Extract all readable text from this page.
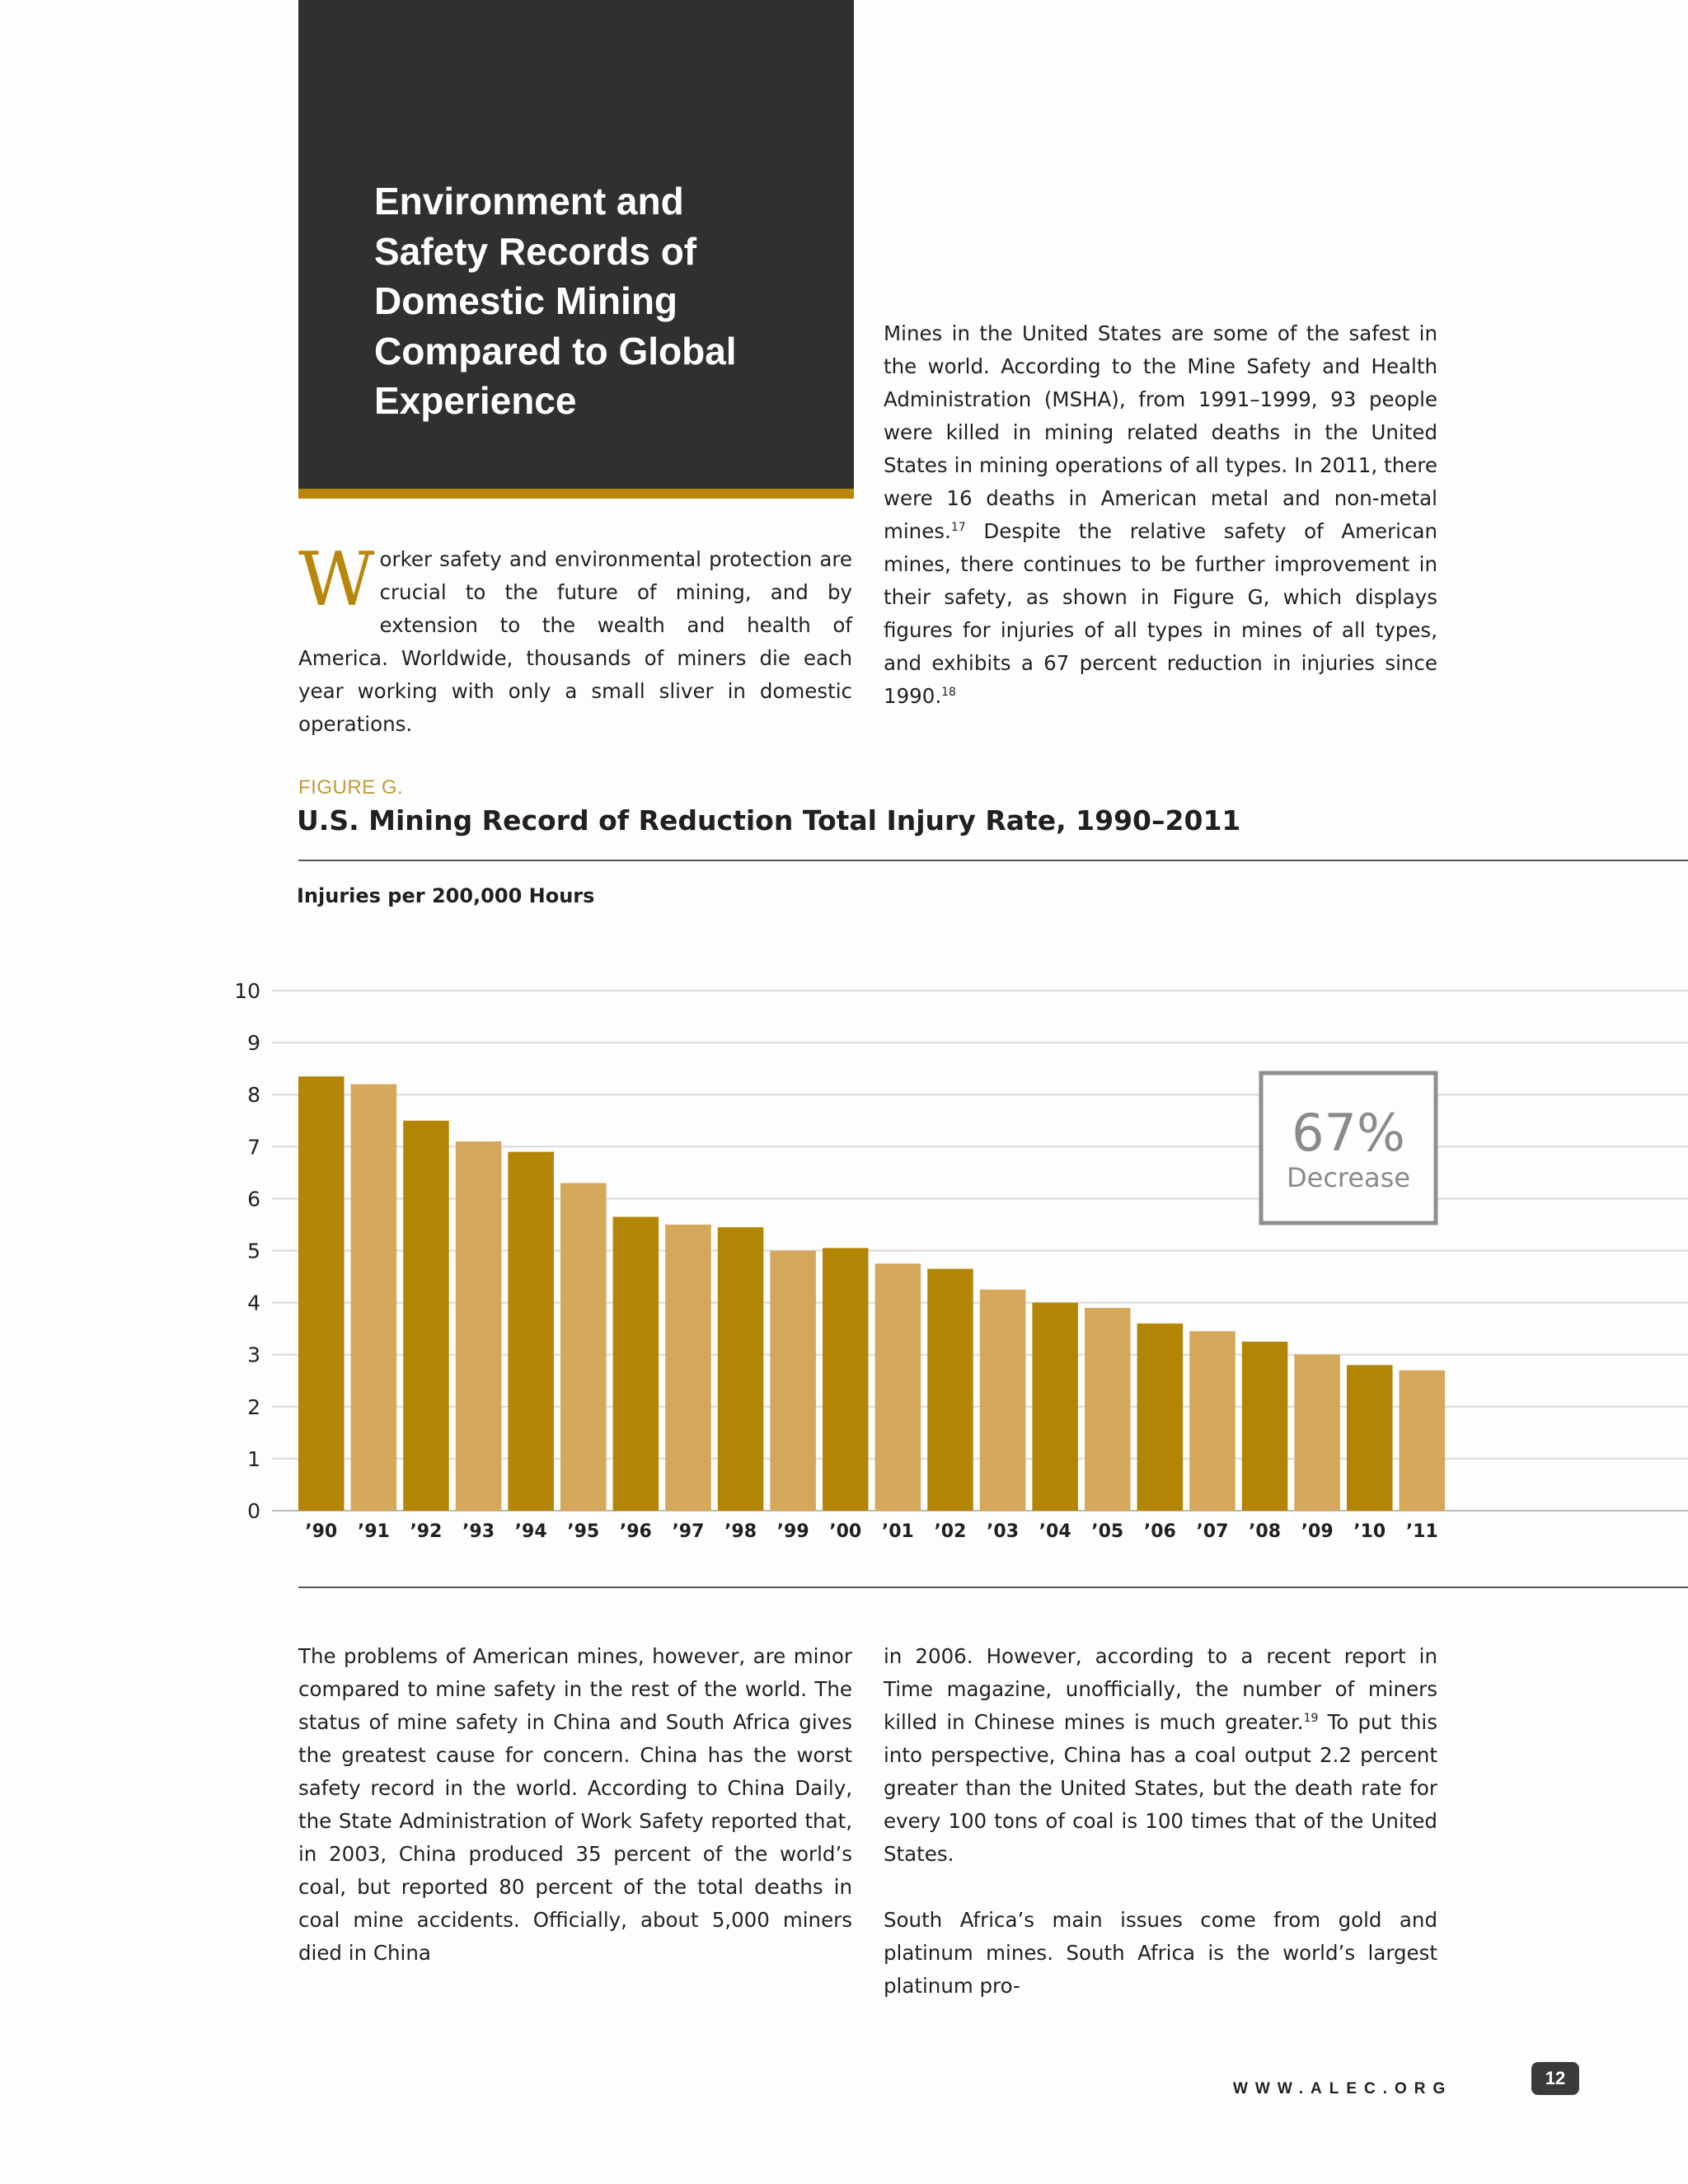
Environment and
Safety Records of
Domestic Mining
Compared to Global
Experience
W orker safety and environmental protection are crucial to the future of mining, and by extension to the wealth and health of America. Worldwide, thousands of miners die each year working with only a small sliver in domestic operations.

Mines in the United States are some of the safest in the world. According to the Mine Safety and Health Administration (MSHA), from 1991–1999, 93 people were killed in mining related deaths in the United States in mining operations of all types. In 2011, there were 16 deaths in American metal and non-metal mines.$^{17}$ Despite the relative safety of American mines, there continues to be further improvement in their safety, as shown in Figure G, which displays figures for injuries of all types in mines of all types, and exhibits a 67 percent reduction in injuries since 1990.18

FIGURE G.

U.S. Mining Record of Reduction Total Injury Rate, 1990–2011

Injuries per 200,000 Hours

0
1
2
3
4
5
6
7
8
9
10
’90 ’91 ’92 ’93 ’94 ’95 ’96 ’97 ’98 ’99 ’00 ’01 ’02 ’03 ’04 ’05 ’06 ’07 ’08 ’09 ’10 ’11
67%
Decrease

The problems of American mines, however, are minor compared to mine safety in the rest of the world. The status of mine safety in China and South Africa gives the greatest cause for concern. China has the worst safety record in the world. According to China Daily, the State Administration of Work Safety reported that, in 2003, China produced 35 percent of the world’s coal, but reported 80 percent of the total deaths in coal mine accidents. Officially, about 5,000 miners died in China

in 2006. However, according to a recent report in Time magazine, unofficially, the number of miners killed in Chinese mines is much greater.$^{19}$ To put this into perspective, China has a coal output 2.2 percent greater than the United States, but the death rate for every 100 tons of coal is 100 times that of the United States.

South Africa’s main issues come from gold and platinum mines. South Africa is the world’s largest platinum pro-

WWW.ALEC.ORG

12
